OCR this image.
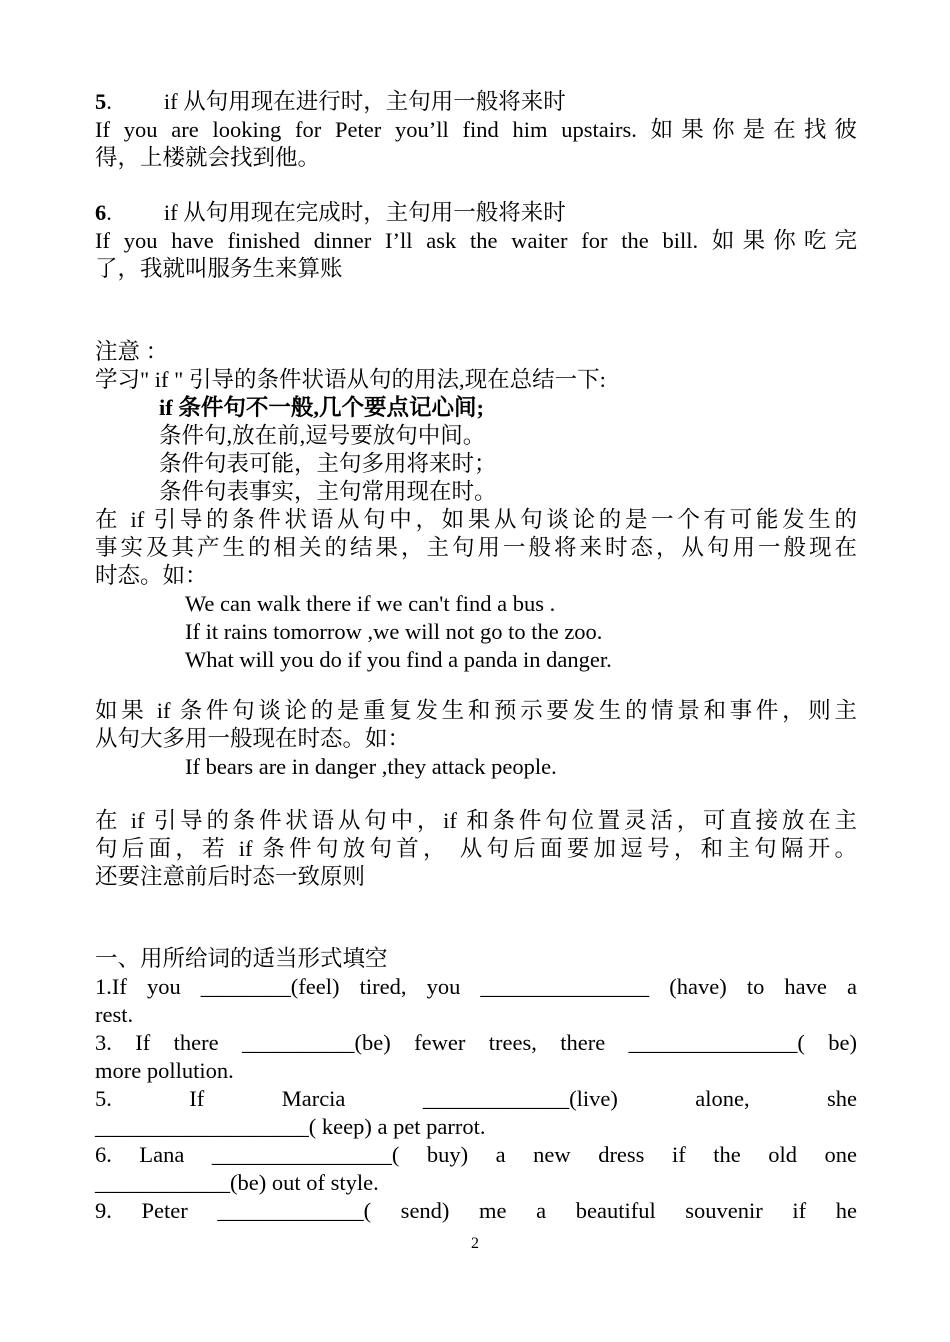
5. if 从句用现在进行时，主句用一般将来时
If you are looking for Peter you’ll find him upstairs. 如果你是在找彼
得，上楼就会找到他。
6. if 从句用现在完成时，主句用一般将来时
If you have finished dinner I’ll ask the waiter for the bill. 如果你吃完
了，我就叫服务生来算账
注意 ：
学习" if " 引导的条件状语从句的用法,现在总结一下:
if 条件句不一般,几个要点记心间;
条件句,放在前,逗号要放句中间。
条件句表可能，主句多用将来时；
条件句表事实，主句常用现在时。
在 if 引导的条件状语从句中，如果从句谈论的是一个有可能发生的
事实及其产生的相关的结果，主句用一般将来时态，从句用一般现在
时态。如：
We can walk there if we can't find a bus .
If it rains tomorrow ,we will not go to the zoo.
What will you do if you find a panda in danger.
如果 if 条件句谈论的是重复发生和预示要发生的情景和事件，则主
从句大多用一般现在时态。如：
If bears are in danger ,they attack people.
在 if 引导的条件状语从句中，if 和条件句位置灵活，可直接放在主
句后面，若 if 条件句放句首， 从句后面要加逗号，和主句隔开。
还要注意前后时态一致原则
一、用所给词的适当形式填空
1.If you ________(feel) tired, you _______________ (have) to have a
rest.
3. If there __________(be) fewer trees, there _______________( be)
more pollution.
5. If Marcia _____________(live) alone, she
___________________( keep) a pet parrot.
6. Lana ________________( buy) a new dress if the old one
____________(be) out of style.
9. Peter _____________( send) me a beautiful souvenir if he
2
